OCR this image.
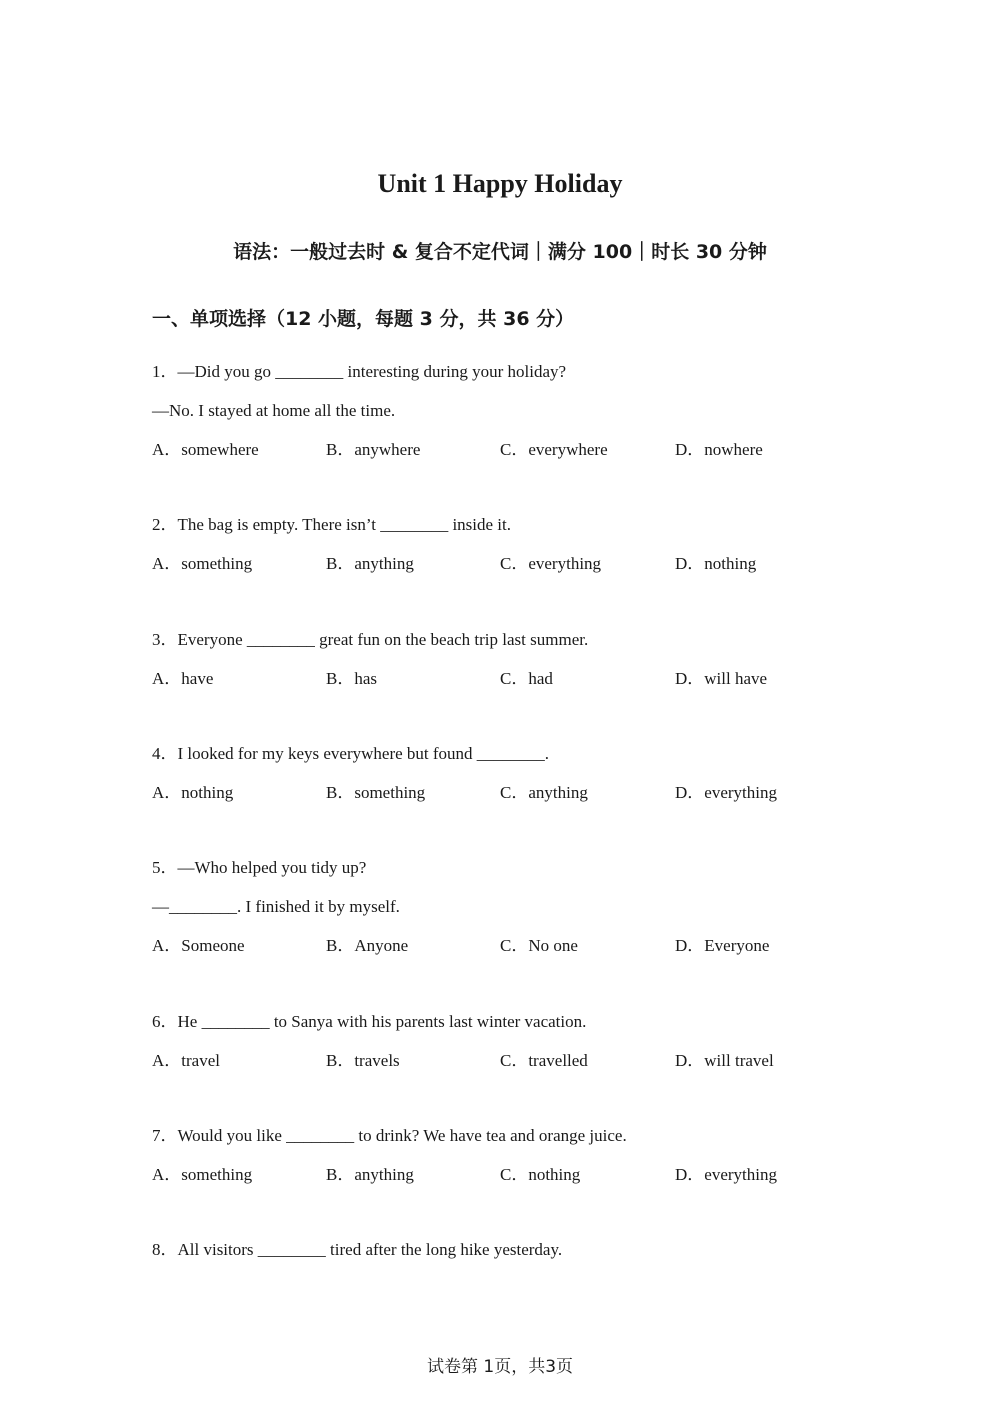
Unit 1 Happy Holiday
语法：一般过去时 & 复合不定代词｜满分 100｜时长 30 分钟
一、单项选择（12 小题，每题 3 分，共 36 分）
1．—Did you go ________ interesting during your holiday?
—No. I stayed at home all the time.
A．somewhere	B．anywhere	C．everywhere	D．nowhere
2．The bag is empty. There isn’t ________ inside it.
A．something	B．anything	C．everything	D．nothing
3．Everyone ________ great fun on the beach trip last summer.
A．have	B．has	C．had	D．will have
4．I looked for my keys everywhere but found ________.
A．nothing	B．something	C．anything	D．everything
5．—Who helped you tidy up?
—________. I finished it by myself.
A．Someone	B．Anyone	C．No one	D．Everyone
6．He ________ to Sanya with his parents last winter vacation.
A．travel	B．travels	C．travelled	D．will travel
7．Would you like ________ to drink? We have tea and orange juice.
A．something	B．anything	C．nothing	D．everything
8．All visitors ________ tired after the long hike yesterday.
试卷第 1页，共3页
